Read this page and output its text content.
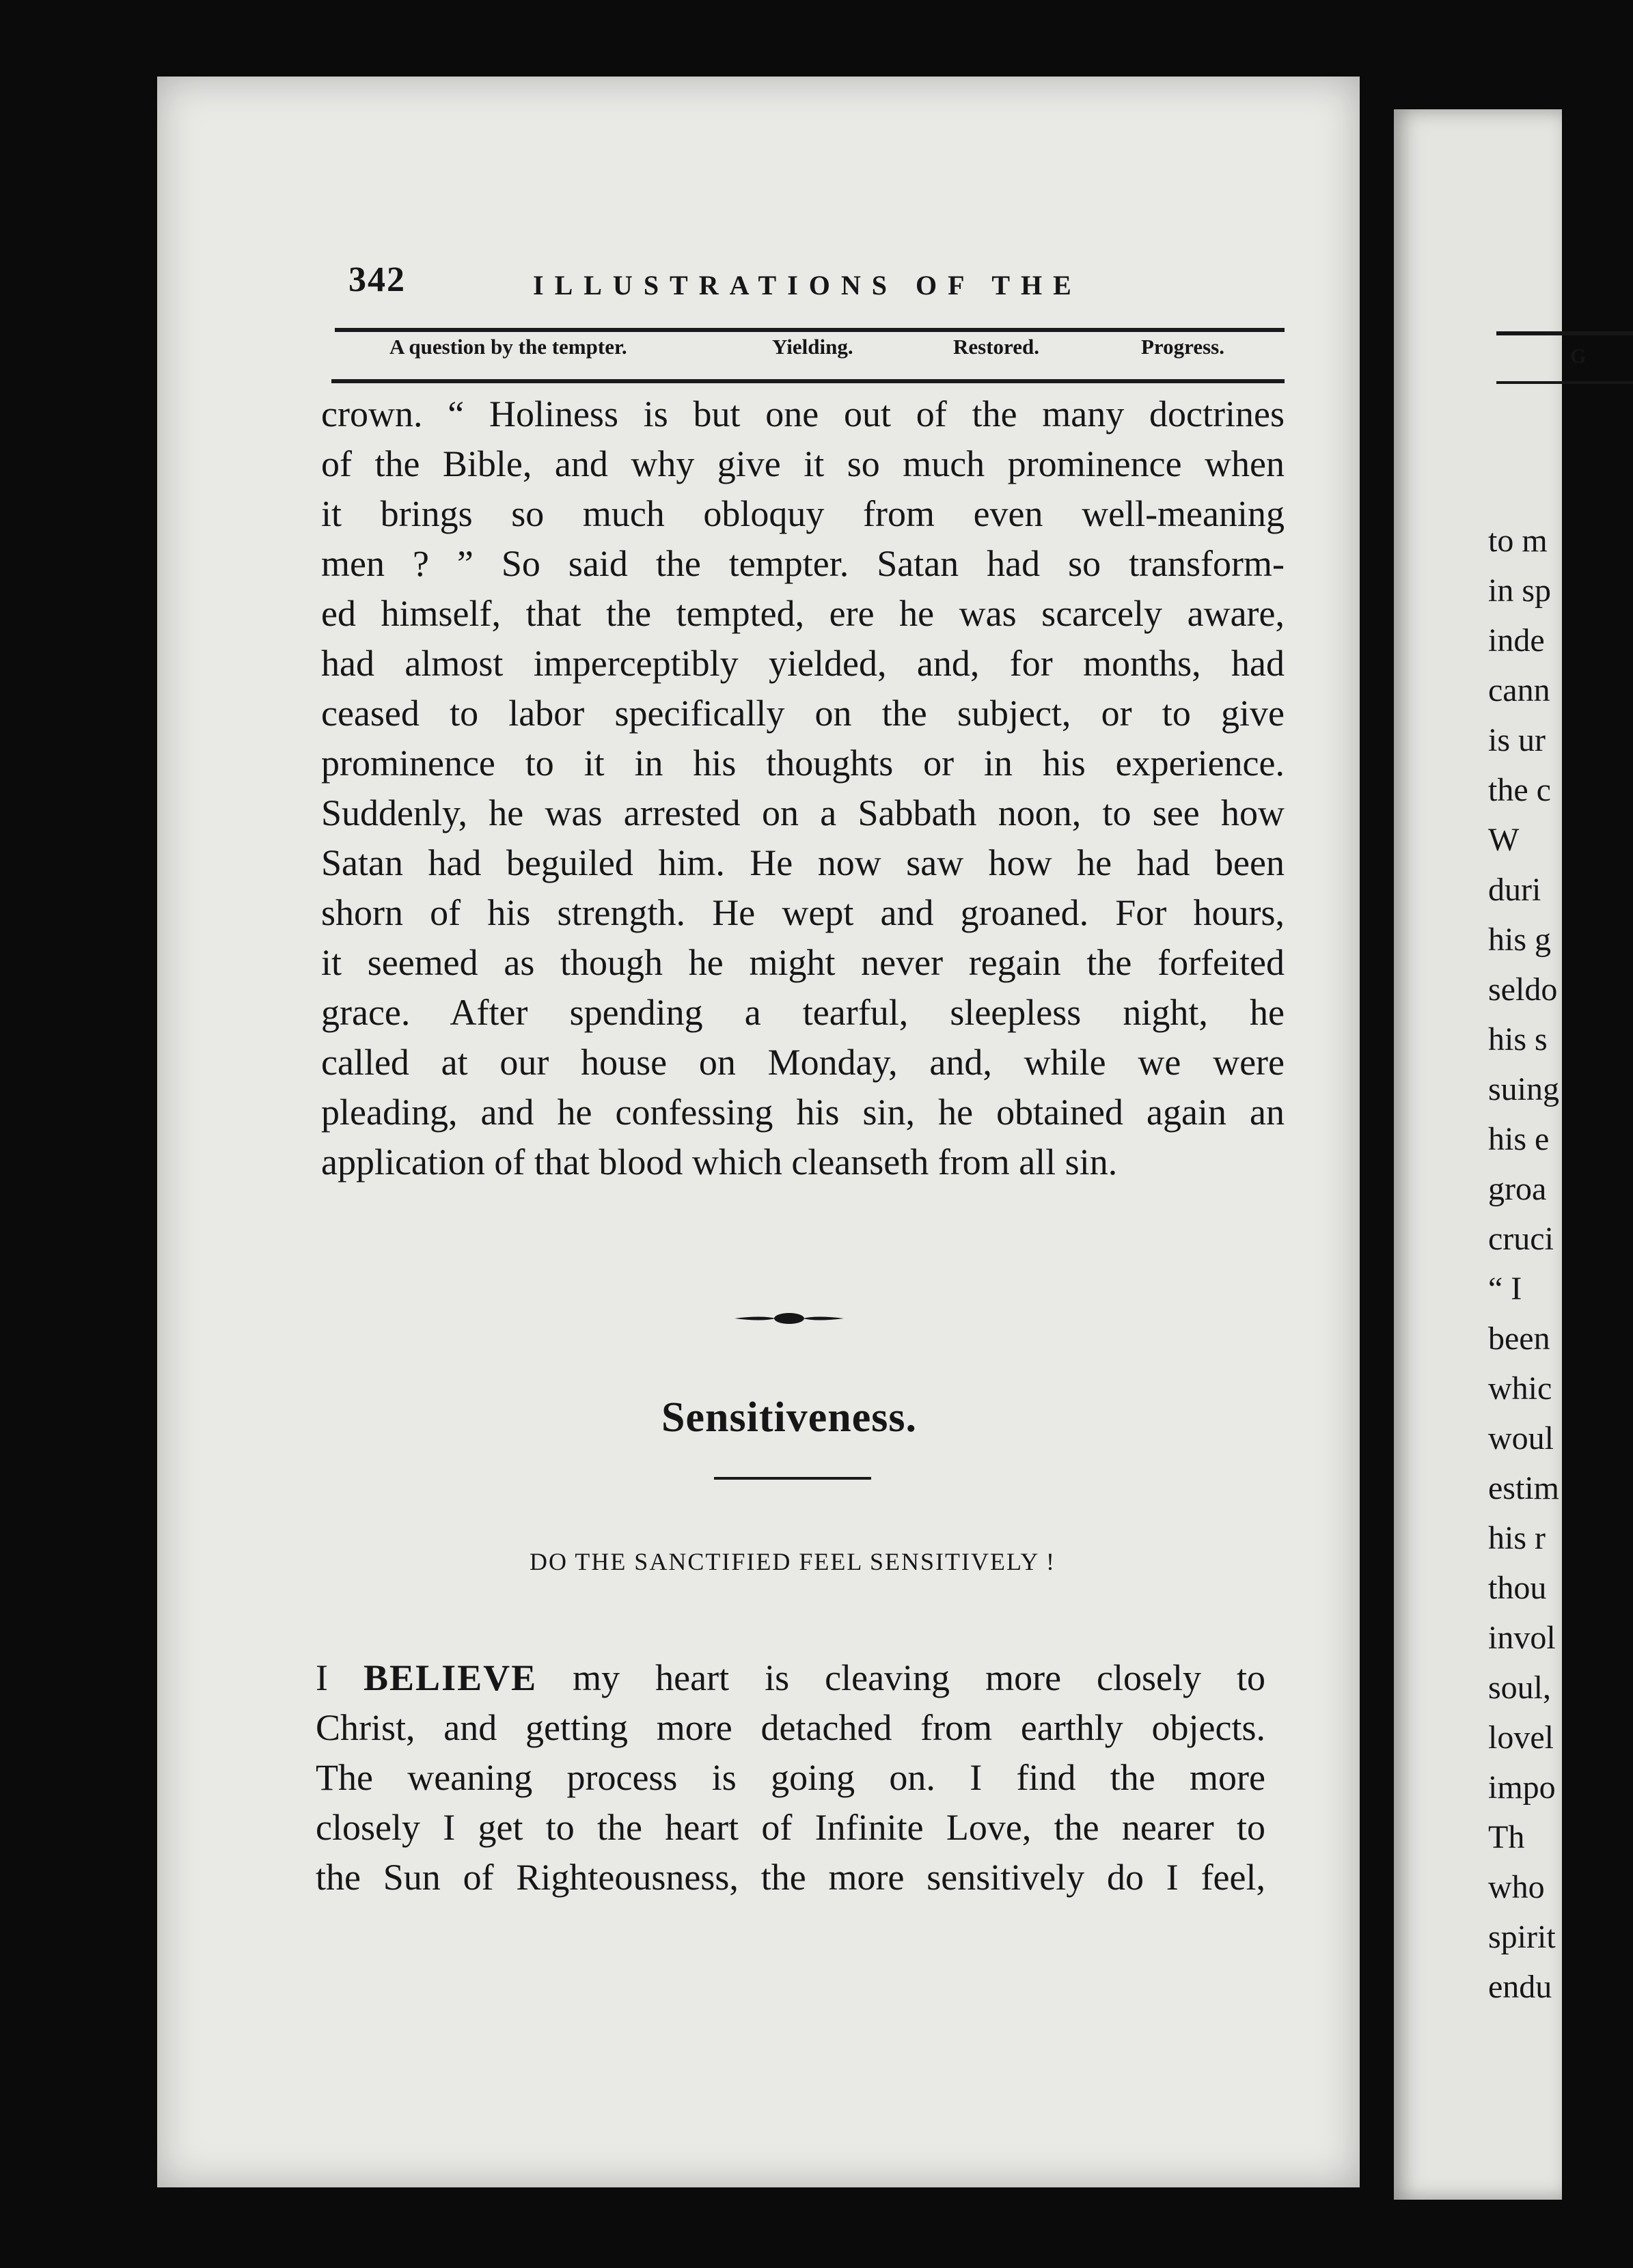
G
to m
in sp
inde
cann
is ur
the c
W
duri
his g
seldo
his s
suing
his e
groa
cruci
“ I
been
whic
woul
estim
his r
thou
invol
soul,
lovel
impo
Th
who
spirit
endu
342	ILLUSTRATIONS OF THE
A question by the tempter.	Yielding.	Restored.	Progress.
crown. “ Holiness is but one out of the many doctrines
of the Bible, and why give it so much prominence when
it brings so much obloquy from even well-meaning
men ? ” So said the tempter. Satan had so transform-
ed himself, that the tempted, ere he was scarcely aware,
had almost imperceptibly yielded, and, for months, had
ceased to labor specifically on the subject, or to give
prominence to it in his thoughts or in his experience.
Suddenly, he was arrested on a Sabbath noon, to see how
Satan had beguiled him. He now saw how he had been
shorn of his strength. He wept and groaned. For hours,
it seemed as though he might never regain the forfeited
grace. After spending a tearful, sleepless night, he
called at our house on Monday, and, while we were
pleading, and he confessing his sin, he obtained again an
application of that blood which cleanseth from all sin.
Sensitiveness.
DO THE SANCTIFIED FEEL SENSITIVELY !
I BELIEVE my heart is cleaving more closely to
Christ, and getting more detached from earthly objects.
The weaning process is going on. I find the more
closely I get to the heart of Infinite Love, the nearer to
the Sun of Righteousness, the more sensitively do I feel,
